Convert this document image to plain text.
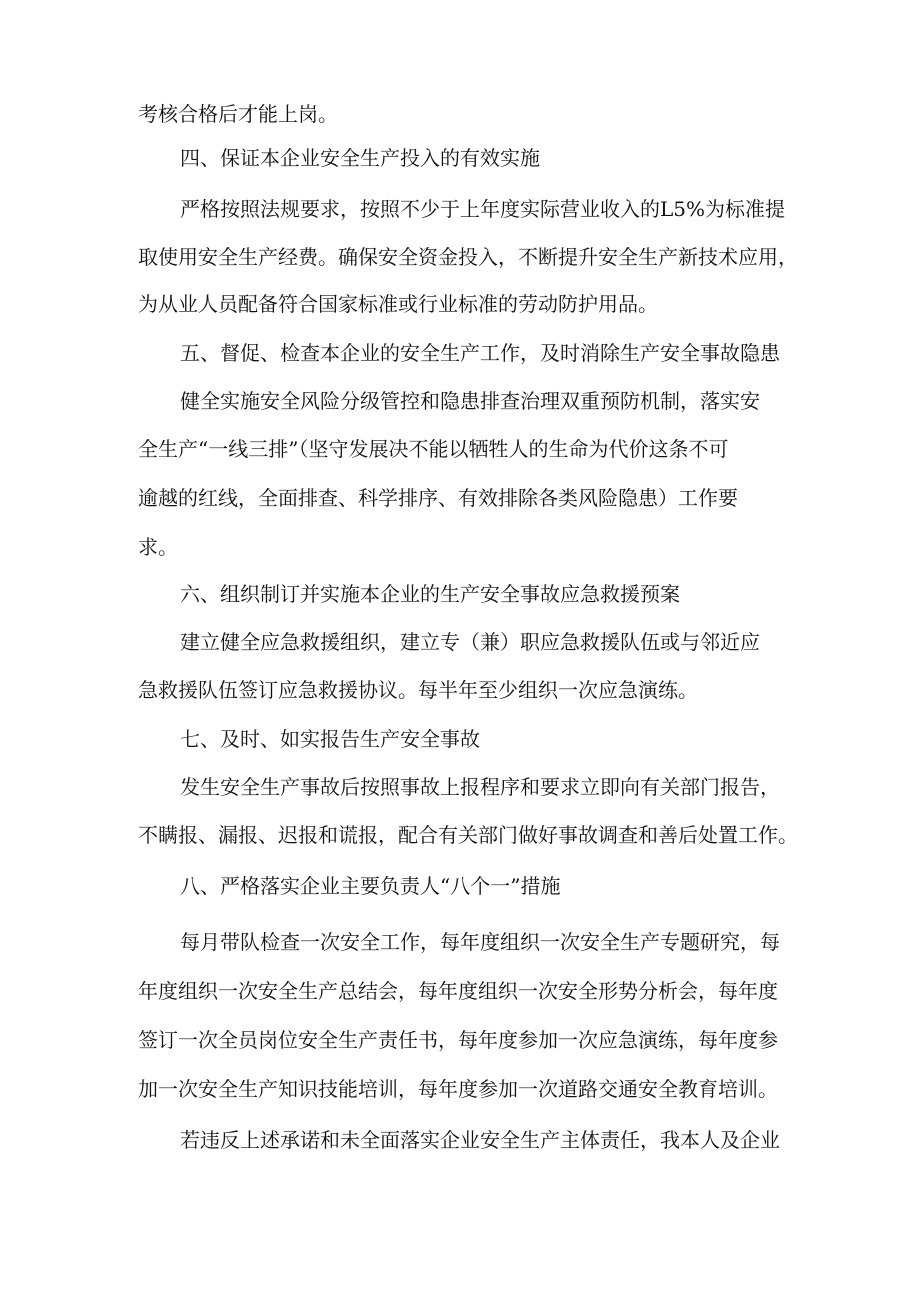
考核合格后才能上岗。
四、保证本企业安全生产投入的有效实施
严格按照法规要求，按照不少于上年度实际营业收入的L5%为标准提
取使用安全生产经费。确保安全资金投入，不断提升安全生产新技术应用，
为从业人员配备符合国家标准或行业标准的劳动防护用品。
五、督促、检查本企业的安全生产工作，及时消除生产安全事故隐患
健全实施安全风险分级管控和隐患排查治理双重预防机制，落实安
全生产“一线三排”（坚守发展决不能以牺牲人的生命为代价这条不可
逾越的红线，全面排查、科学排序、有效排除各类风险隐患）工作要
求。
六、组织制订并实施本企业的生产安全事故应急救援预案
建立健全应急救援组织，建立专（兼）职应急救援队伍或与邻近应
急救援队伍签订应急救援协议。每半年至少组织一次应急演练。
七、及时、如实报告生产安全事故
发生安全生产事故后按照事故上报程序和要求立即向有关部门报告，
不瞒报、漏报、迟报和谎报，配合有关部门做好事故调查和善后处置工作。
八、严格落实企业主要负责人“八个一”措施
每月带队检查一次安全工作，每年度组织一次安全生产专题研究，每
年度组织一次安全生产总结会，每年度组织一次安全形势分析会，每年度
签订一次全员岗位安全生产责任书，每年度参加一次应急演练，每年度参
加一次安全生产知识技能培训，每年度参加一次道路交通安全教育培训。
若违反上述承诺和未全面落实企业安全生产主体责任，我本人及企业
